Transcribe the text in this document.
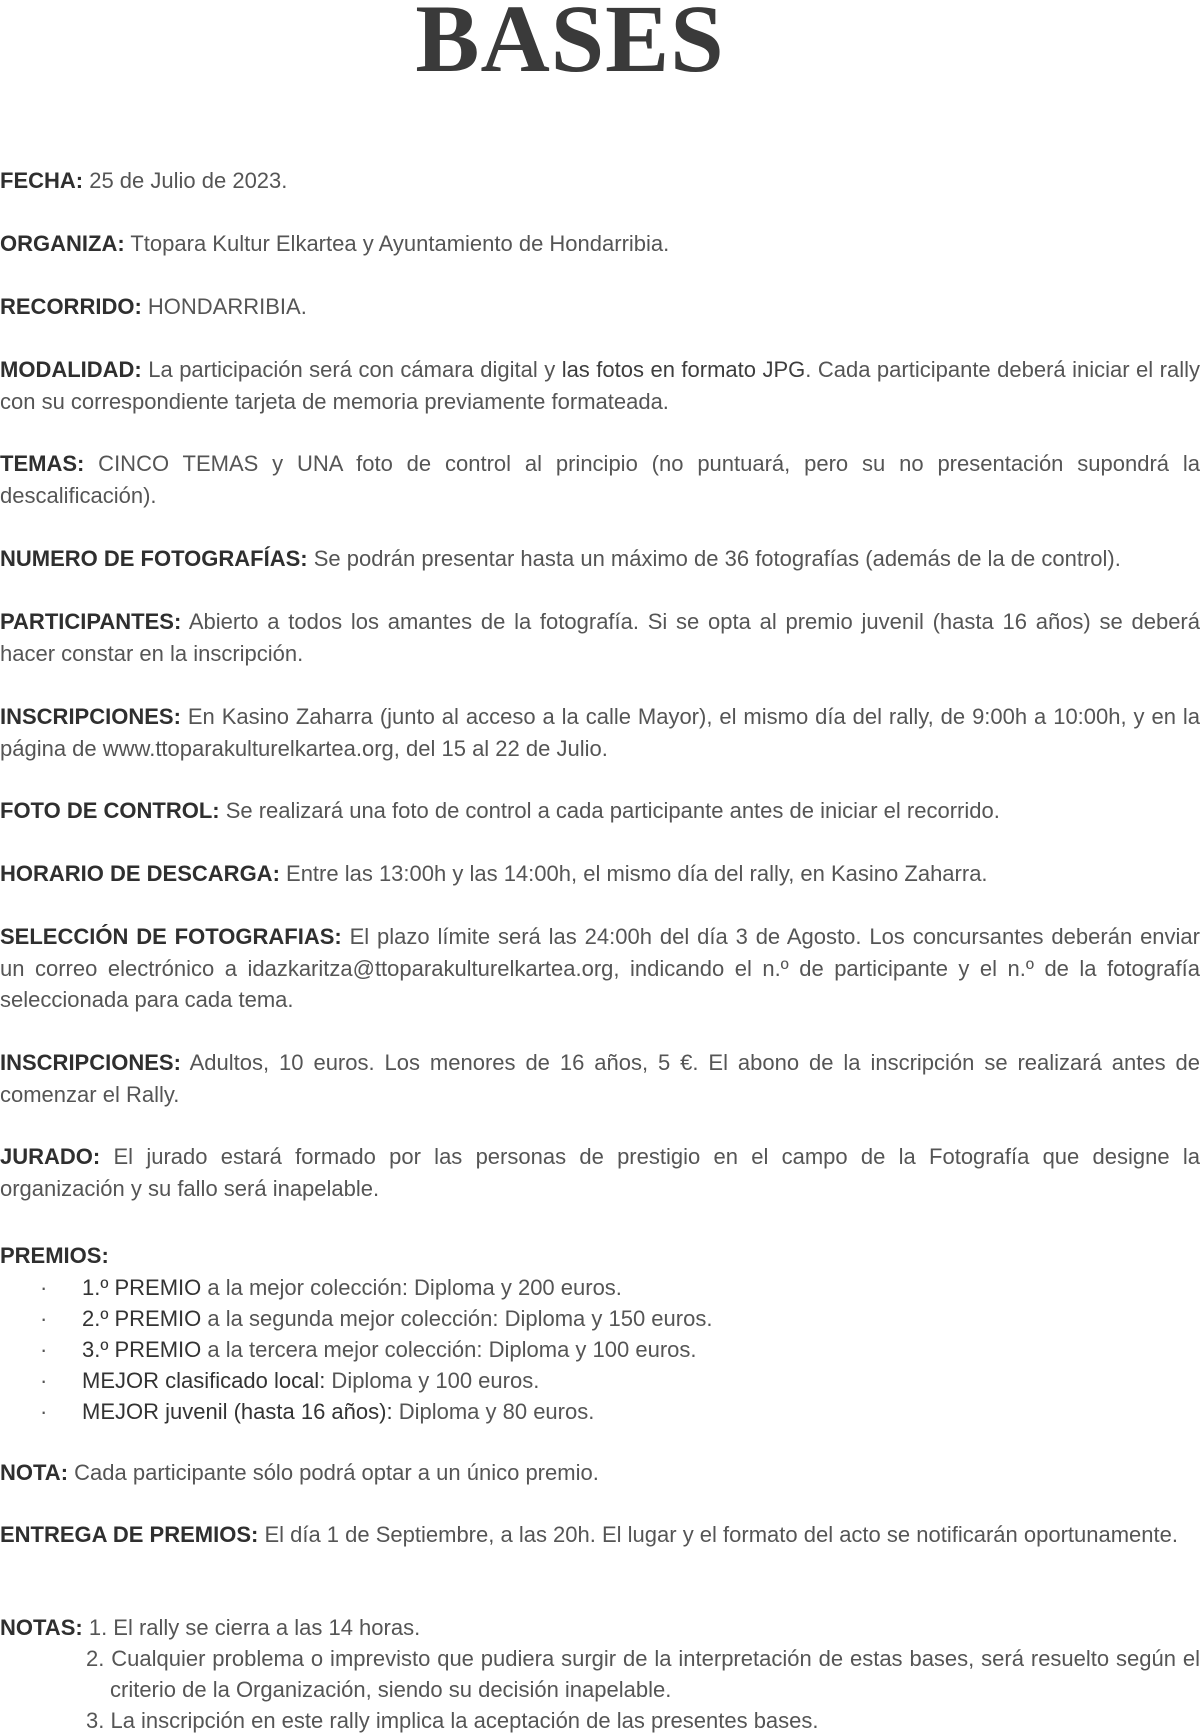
BASES

FECHA: 25 de Julio de 2023.

ORGANIZA: Ttopara Kultur Elkartea y Ayuntamiento de Hondarribia.

RECORRIDO: HONDARRIBIA.

MODALIDAD: La participación será con cámara digital y las fotos en formato JPG. Cada participante deberá iniciar el rally con su correspondiente tarjeta de memoria previamente formateada.

TEMAS: CINCO TEMAS y UNA foto de control al principio (no puntuará, pero su no presentación supondrá la descalificación).

NUMERO DE FOTOGRAFÍAS: Se podrán presentar hasta un máximo de 36 fotografías (además de la de control).

PARTICIPANTES: Abierto a todos los amantes de la fotografía. Si se opta al premio juvenil (hasta 16 años) se deberá hacer constar en la inscripción.

INSCRIPCIONES: En Kasino Zaharra (junto al acceso a la calle Mayor), el mismo día del rally, de 9:00h a 10:00h, y en la página de www.ttoparakulturelkartea.org, del 15 al 22 de Julio.

FOTO DE CONTROL: Se realizará una foto de control a cada participante antes de iniciar el recorrido.

HORARIO DE DESCARGA: Entre las 13:00h y las 14:00h, el mismo día del rally, en Kasino Zaharra.

SELECCIÓN DE FOTOGRAFIAS: El plazo límite será las 24:00h del día 3 de Agosto. Los concursantes deberán enviar un correo electrónico a idazkaritza@ttoparakulturelkartea.org, indicando el n.º de participante y el n.º de la fotografía seleccionada para cada tema.

INSCRIPCIONES: Adultos, 10 euros. Los menores de 16 años, 5 €. El abono de la inscripción se realizará antes de comenzar el Rally.

JURADO: El jurado estará formado por las personas de prestigio en el campo de la Fotografía que designe la organización y su fallo será inapelable.

PREMIOS:

· 1.º PREMIO a la mejor colección: Diploma y 200 euros.
· 2.º PREMIO a la segunda mejor colección: Diploma y 150 euros.
· 3.º PREMIO a la tercera mejor colección: Diploma y 100 euros.
· MEJOR clasificado local: Diploma y 100 euros.
· MEJOR juvenil (hasta 16 años): Diploma y 80 euros.

NOTA: Cada participante sólo podrá optar a un único premio.

ENTREGA DE PREMIOS: El día 1 de Septiembre, a las 20h. El lugar y el formato del acto se notificarán oportunamente.

NOTAS: 1. El rally se cierra a las 14 horas.
2. Cualquier problema o imprevisto que pudiera surgir de la interpretación de estas bases, será resuelto según el criterio de la Organización, siendo su decisión inapelable.
3. La inscripción en este rally implica la aceptación de las presentes bases.
